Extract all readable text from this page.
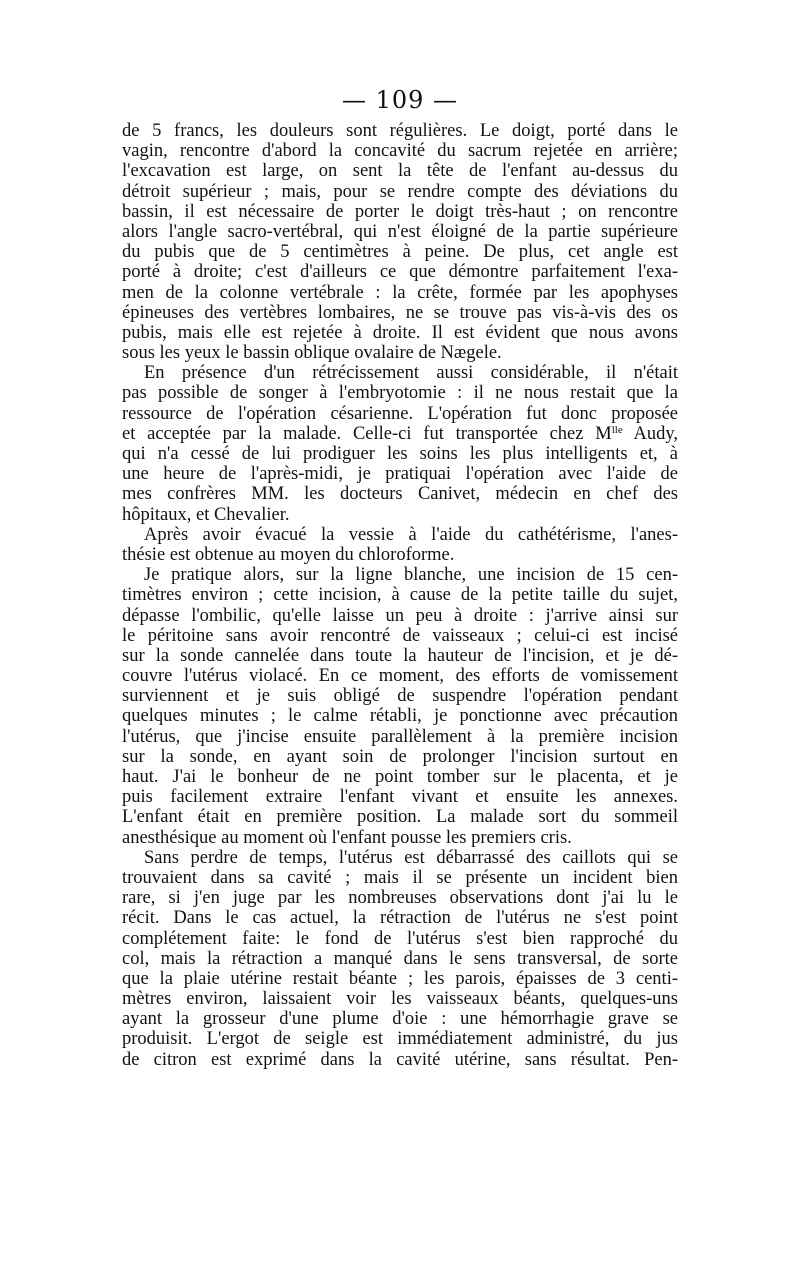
— 109 —
de 5 francs, les douleurs sont régulières. Le doigt, porté dans le
vagin, rencontre d'abord la concavité du sacrum rejetée en arrière;
l'excavation est large, on sent la tête de l'enfant au-dessus du
détroit supérieur ; mais, pour se rendre compte des déviations du
bassin, il est nécessaire de porter le doigt très-haut ; on rencontre
alors l'angle sacro-vertébral, qui n'est éloigné de la partie supérieure
du pubis que de 5 centimètres à peine. De plus, cet angle est
porté à droite; c'est d'ailleurs ce que démontre parfaitement l'exa-
men de la colonne vertébrale : la crête, formée par les apophyses
épineuses des vertèbres lombaires, ne se trouve pas vis-à-vis des os
pubis, mais elle est rejetée à droite. Il est évident que nous avons
sous les yeux le bassin oblique ovalaire de Nægele.
En présence d'un rétrécissement aussi considérable, il n'était
pas possible de songer à l'embryotomie : il ne nous restait que la
ressource de l'opération césarienne. L'opération fut donc proposée
et acceptée par la malade. Celle-ci fut transportée chez $M^{lle}$ Audy,
qui n'a cessé de lui prodiguer les soins les plus intelligents et, à
une heure de l'après-midi, je pratiquai l'opération avec l'aide de
mes confrères MM. les docteurs Canivet, médecin en chef des
hôpitaux, et Chevalier.
Après avoir évacué la vessie à l'aide du cathétérisme, l'anes-
thésie est obtenue au moyen du chloroforme.
Je pratique alors, sur la ligne blanche, une incision de 15 cen-
timètres environ ; cette incision, à cause de la petite taille du sujet,
dépasse l'ombilic, qu'elle laisse un peu à droite : j'arrive ainsi sur
le péritoine sans avoir rencontré de vaisseaux ; celui-ci est incisé
sur la sonde cannelée dans toute la hauteur de l'incision, et je dé-
couvre l'utérus violacé. En ce moment, des efforts de vomissement
surviennent et je suis obligé de suspendre l'opération pendant
quelques minutes ; le calme rétabli, je ponctionne avec précaution
l'utérus, que j'incise ensuite parallèlement à la première incision
sur la sonde, en ayant soin de prolonger l'incision surtout en
haut. J'ai le bonheur de ne point tomber sur le placenta, et je
puis facilement extraire l'enfant vivant et ensuite les annexes.
L'enfant était en première position. La malade sort du sommeil
anesthésique au moment où l'enfant pousse les premiers cris.
Sans perdre de temps, l'utérus est débarrassé des caillots qui se
trouvaient dans sa cavité ; mais il se présente un incident bien
rare, si j'en juge par les nombreuses observations dont j'ai lu le
récit. Dans le cas actuel, la rétraction de l'utérus ne s'est point
complétement faite: le fond de l'utérus s'est bien rapproché du
col, mais la rétraction a manqué dans le sens transversal, de sorte
que la plaie utérine restait béante ; les parois, épaisses de 3 centi-
mètres environ, laissaient voir les vaisseaux béants, quelques-uns
ayant la grosseur d'une plume d'oie : une hémorrhagie grave se
produisit. L'ergot de seigle est immédiatement administré, du jus
de citron est exprimé dans la cavité utérine, sans résultat. Pen-
